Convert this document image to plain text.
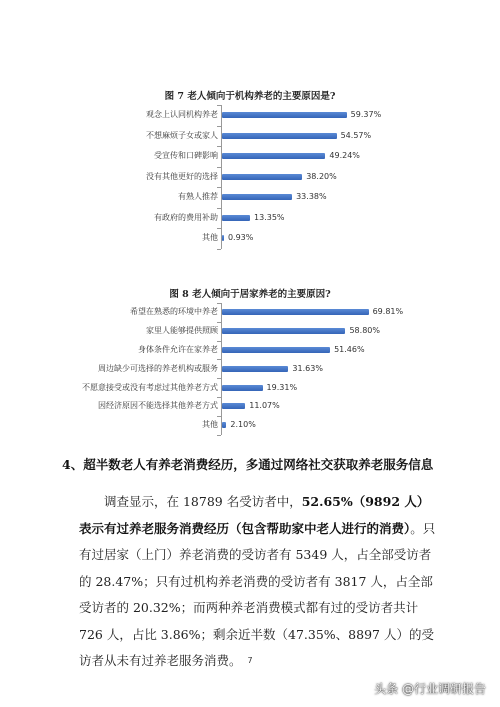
图 7 老人倾向于机构养老的主要原因是?
观念上认同机构养老	59.37%
不想麻烦子女或家人	54.57%
受宣传和口碑影响	49.24%
没有其他更好的选择	38.20%
有熟人推荐	33.38%
有政府的费用补助	13.35%
其他 0.93%
图 8 老人倾向于居家养老的主要原因?
希望在熟悉的环境中养老	69.81%
家里人能够提供照顾	58.80%
身体条件允许在家养老	51.46%
周边缺少可选择的养老机构或服务	31.63%
不愿意接受或没有考虑过其他养老方式	19.31%
因经济原因不能选择其他养老方式	11.07%
其他 2.10%
4、超半数老人有养老消费经历，多通过网络社交获取养老服务信息

调查显示，在 18789 名受访者中，52.65%（9892 人）表示有过养老服务消费经历（包含帮助家中老人进行的消费）。只有过居家（上门）养老消费的受访者有 5349 人，占全部受访者的 28.47%；只有过机构养老消费的受访者有 3817 人，占全部受访者的 20.32%；而两种养老消费模式都有过的受访者共计 726 人，占比 3.86%；剩余近半数（47.35%、8897 人）的受访者从未有过养老服务消费。 7
头条 @行业调研报告
